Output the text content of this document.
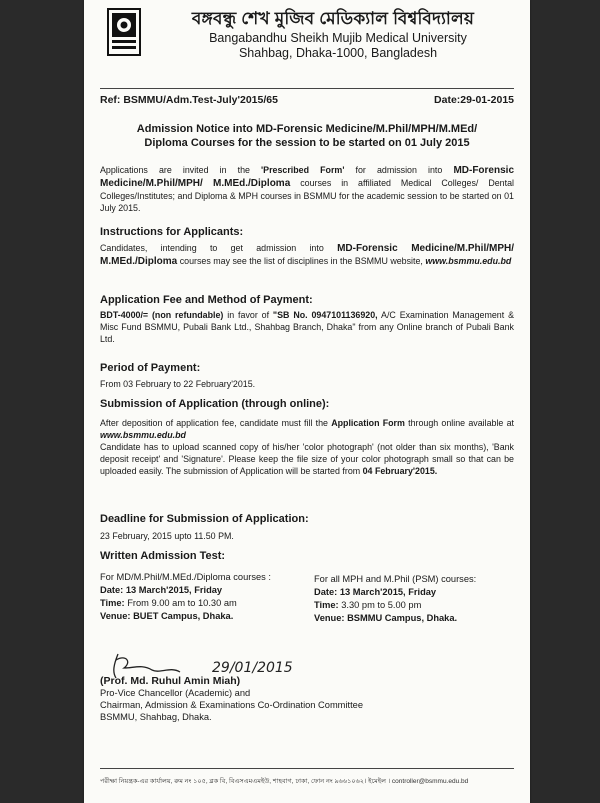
বঙ্গবন্ধু শেখ মুজিব মেডিক্যাল বিশ্ববিদ্যালয়
Bangabandhu Sheikh Mujib Medical University
Shahbag, Dhaka-1000, Bangladesh
Ref: BSMMU/Adm.Test-July'2015/65	Date:29-01-2015
Admission Notice into MD-Forensic Medicine/M.Phil/MPH/M.MEd/
Diploma Courses for the session to be started on 01 July 2015
Applications are invited in the 'Prescribed Form' for admission into MD-Forensic Medicine/M.Phil/MPH/ M.MEd./Diploma courses in affiliated Medical Colleges/ Dental Colleges/Institutes; and Diploma & MPH courses in BSMMU for the academic session to be started on 01 July 2015.
Instructions for Applicants:
Candidates, intending to get admission into MD-Forensic Medicine/M.Phil/MPH/ M.MEd./Diploma courses may see the list of disciplines in the BSMMU website, www.bsmmu.edu.bd
Application Fee and Method of Payment:
BDT-4000/= (non refundable) in favor of "SB No. 0947101136920, A/C Examination Management & Misc Fund BSMMU, Pubali Bank Ltd., Shahbag Branch, Dhaka" from any Online branch of Pubali Bank Ltd.
Period of Payment:
From 03 February to 22 February'2015.
Submission of Application (through online):
After deposition of application fee, candidate must fill the Application Form through online available at www.bsmmu.edu.bd
Candidate has to upload scanned copy of his/her 'color photograph' (not older than six months), 'Bank deposit receipt' and 'Signature'. Please keep the file size of your color photograph small so that can be uploaded easily. The submission of Application will be started from 04 February'2015.
Deadline for Submission of Application:
23 February, 2015 upto 11.50 PM.
Written Admission Test:
For MD/M.Phil/M.MEd./Diploma courses :
Date: 13 March'2015, Friday
Time: From 9.00 am to 10.30 am
Venue: BUET Campus, Dhaka.
For all MPH and M.Phil (PSM) courses:
Date: 13 March'2015, Friday
Time: 3.30 pm to 5.00 pm
Venue: BSMMU Campus, Dhaka.
29/01/2015
(Prof. Md. Ruhul Amin Miah)
Pro-Vice Chancellor (Academic) and
Chairman, Admission & Examinations Co-Ordination Committee
BSMMU, Shahbag, Dhaka.
পরীক্ষা নিয়ন্ত্রক-এর কার্যালয়, রুম নং ১০৫, ব্লক বি, বিএসএমএমইউ, শাহবাগ, ঢাকা, ফোন নং ৯৬৬১০৬২। ইমেইল । controller@bsmmu.edu.bd
